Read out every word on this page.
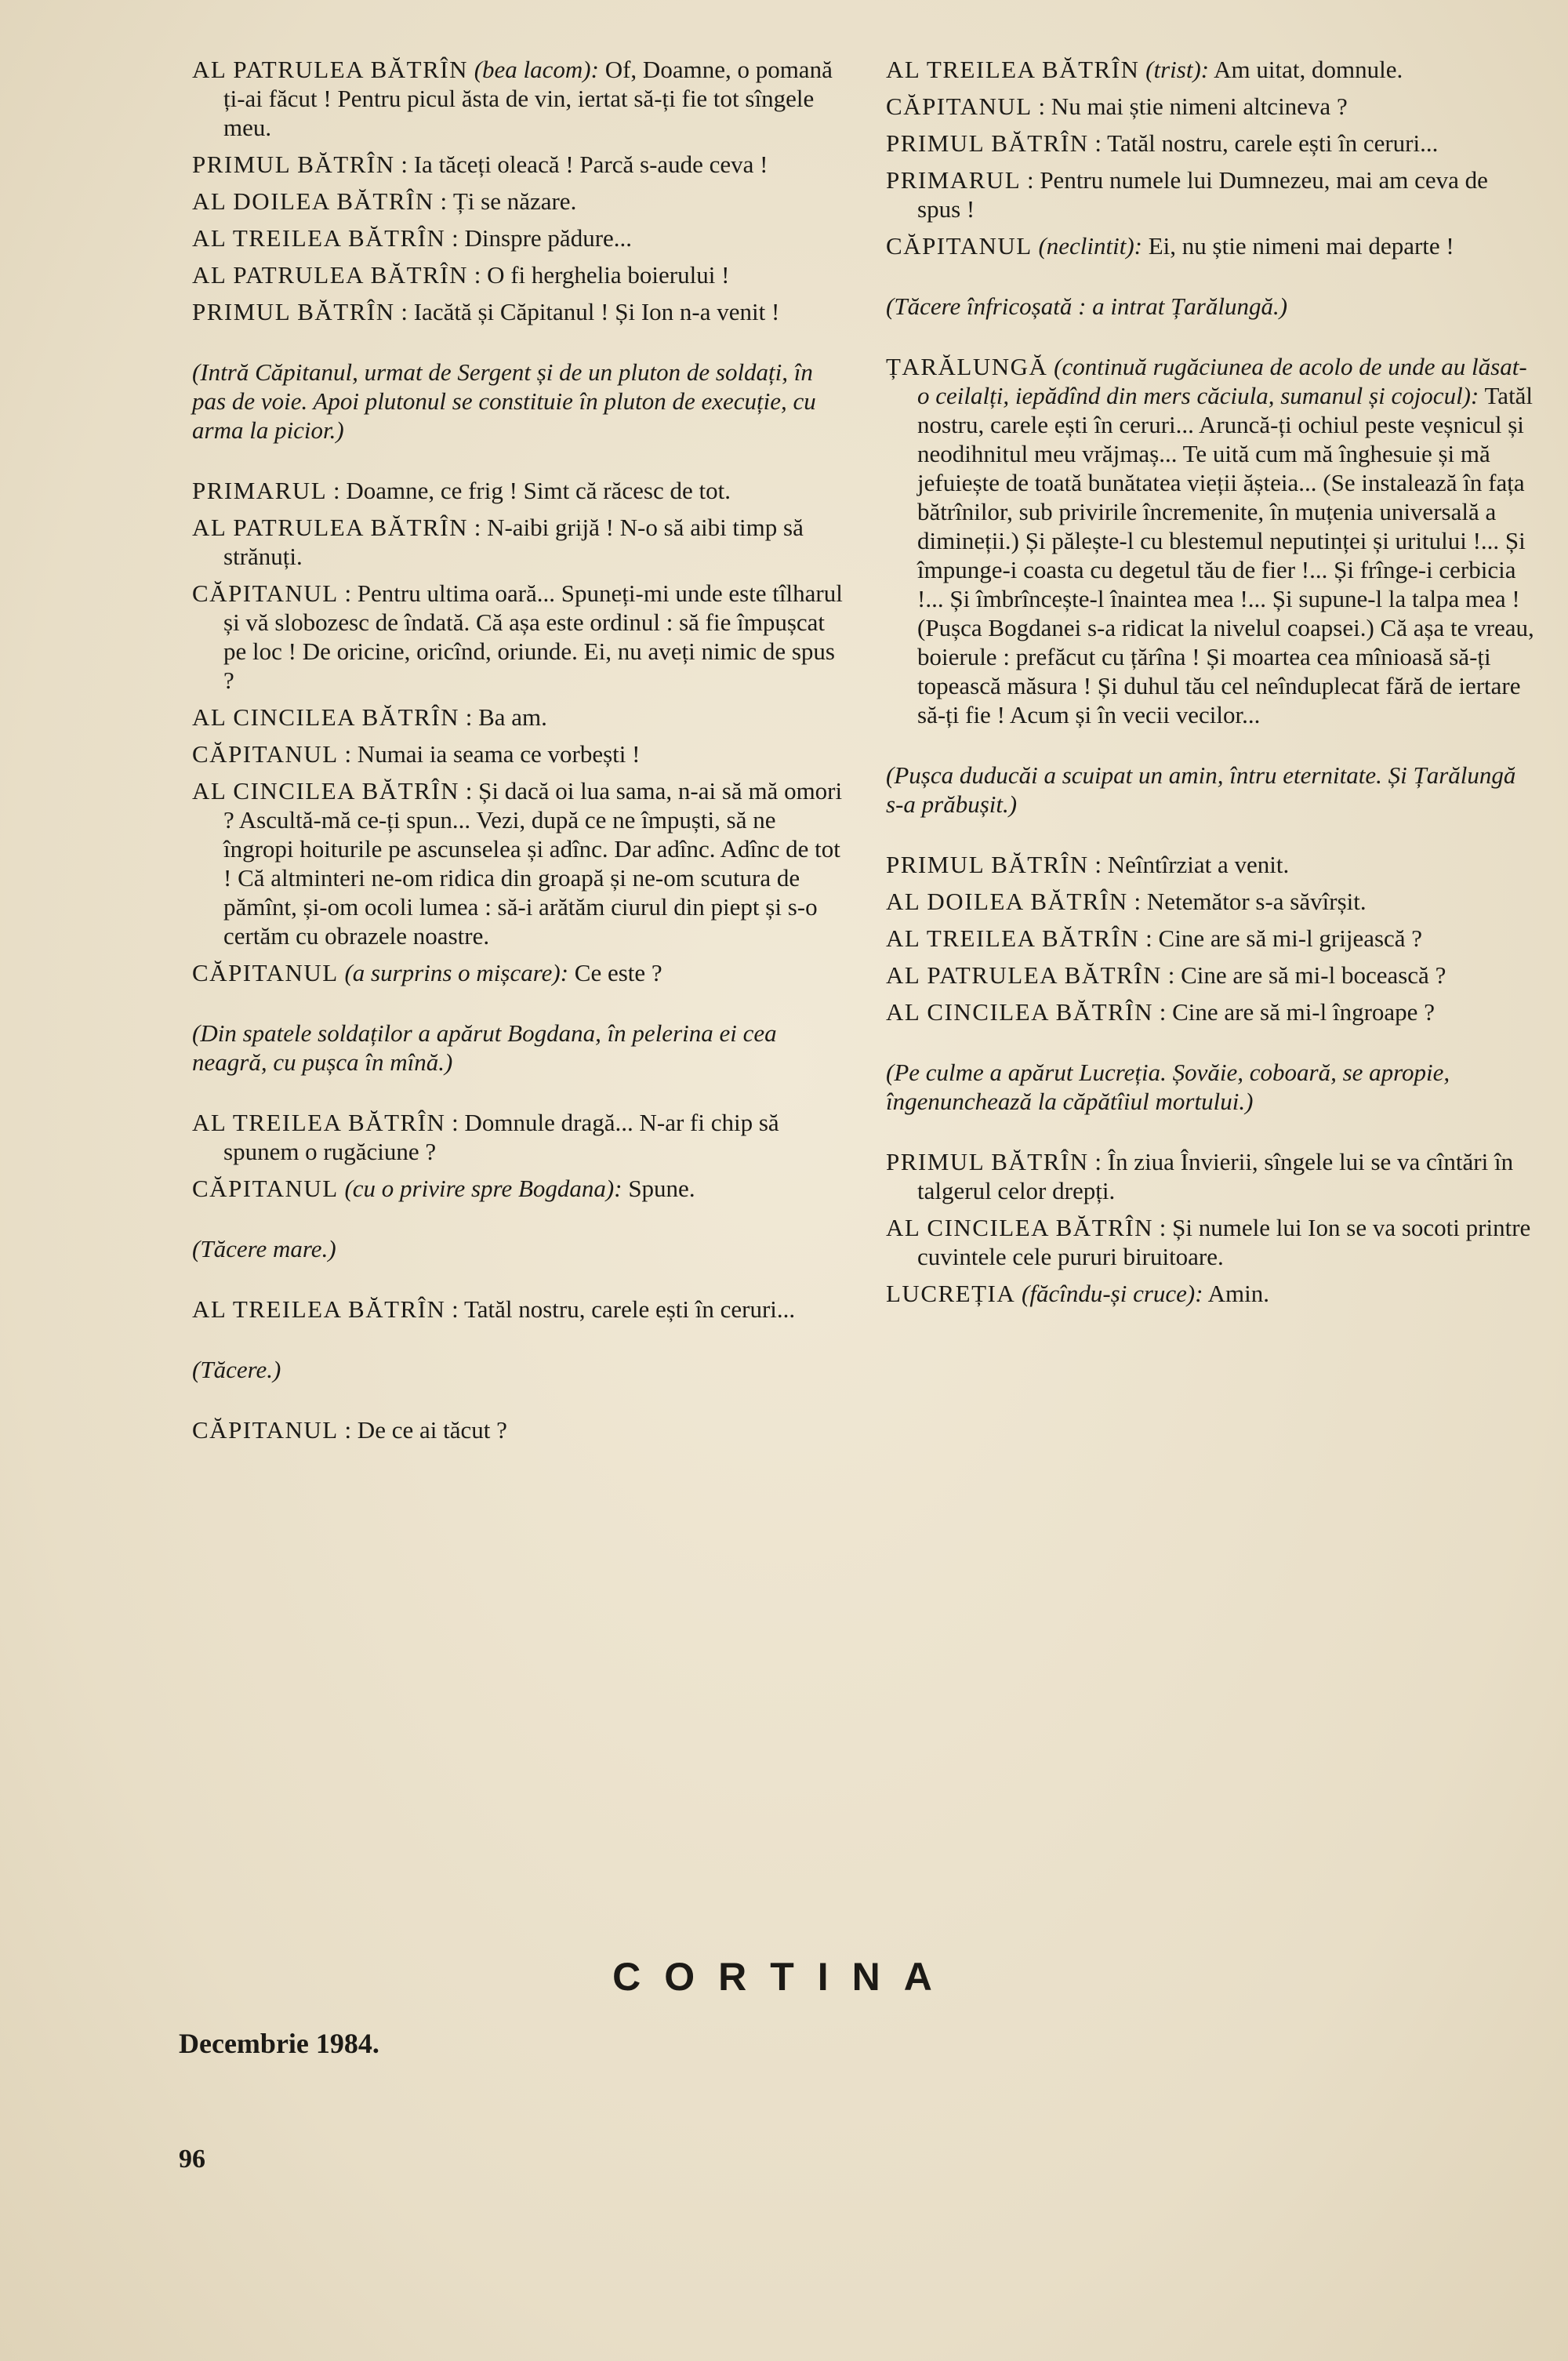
AL PATRULEA BĂTRÎN (bea lacom): Of, Doamne, o pomană ți-ai făcut ! Pentru picul ăsta de vin, iertat să-ți fie tot sîngele meu.
PRIMUL BĂTRÎN : Ia tăceți oleacă ! Parcă s-aude ceva !
AL DOILEA BĂTRÎN : Ți se năzare.
AL TREILEA BĂTRÎN : Dinspre pădure...
AL PATRULEA BĂTRÎN : O fi herghelia boierului !
PRIMUL BĂTRÎN : Iacătă și Căpitanul ! Și Ion n-a venit !
(Intră Căpitanul, urmat de Sergent și de un pluton de soldați, în pas de voie. Apoi plutonul se constituie în pluton de execuție, cu arma la picior.)
PRIMARUL : Doamne, ce frig ! Simt că răcesc de tot.
AL PATRULEA BĂTRÎN : N-aibi grijă ! N-o să aibi timp să strănuți.
CĂPITANUL : Pentru ultima oară... Spuneți-mi unde este tîlharul și vă slobozesc de îndată. Că așa este ordinul : să fie împușcat pe loc ! De oricine, oricînd, oriunde. Ei, nu aveți nimic de spus ?
AL CINCILEA BĂTRÎN : Ba am.
CĂPITANUL : Numai ia seama ce vorbești !
AL CINCILEA BĂTRÎN : Și dacă oi lua sama, n-ai să mă omori ? Ascultă-mă ce-ți spun... Vezi, după ce ne împuști, să ne îngropi hoiturile pe ascunselea și adînc. Dar adînc. Adînc de tot ! Că altminteri ne-om ridica din groapă și ne-om scutura de pămînt, și-om ocoli lumea : să-i arătăm ciurul din piept și s-o certăm cu obrazele noastre.
CĂPITANUL (a surprins o mișcare): Ce este ?
(Din spatele soldaților a apărut Bogdana, în pelerina ei cea neagră, cu pușca în mînă.)
AL TREILEA BĂTRÎN : Domnule dragă... N-ar fi chip să spunem o rugăciune ?
CĂPITANUL (cu o privire spre Bogdana): Spune.
(Tăcere mare.)
AL TREILEA BĂTRÎN : Tatăl nostru, carele ești în ceruri...
(Tăcere.)
CĂPITANUL : De ce ai tăcut ?
AL TREILEA BĂTRÎN (trist): Am uitat, domnule.
CĂPITANUL : Nu mai știe nimeni altcineva ?
PRIMUL BĂTRÎN : Tatăl nostru, carele ești în ceruri...
PRIMARUL : Pentru numele lui Dumnezeu, mai am ceva de spus !
CĂPITANUL (neclintit): Ei, nu știe nimeni mai departe !
(Tăcere înfricoșată : a intrat Țarălungă.)
ȚARĂLUNGĂ (continuă rugăciunea de acolo de unde au lăsat-o ceilalți, iepădînd din mers căciula, sumanul și cojocul): Tatăl nostru, carele ești în ceruri... Aruncă-ți ochiul peste veșnicul și neodihnitul meu vrăjmaș... Te uită cum mă înghesuie și mă jefuiește de toată bunătatea vieții ășteia... (Se instalează în fața bătrînilor, sub privirile încremenite, în muțenia universală a dimineții.) Și pălește-l cu blestemul neputinței și uritului !... Și împunge-i coasta cu degetul tău de fier !... Și frînge-i cerbicia !... Și îmbrîncește-l înaintea mea !... Și supune-l la talpa mea ! (Pușca Bogdanei s-a ridicat la nivelul coapsei.) Că așa te vreau, boierule : prefăcut cu țărîna ! Și moartea cea mînioasă să-ți topească măsura ! Și duhul tău cel neînduplecat fără de iertare să-ți fie ! Acum și în vecii vecilor...
(Pușca duducăi a scuipat un amin, întru eternitate. Și Țarălungă s-a prăbușit.)
PRIMUL BĂTRÎN : Neîntîrziat a venit.
AL DOILEA BĂTRÎN : Netemător s-a săvîrșit.
AL TREILEA BĂTRÎN : Cine are să mi-l grijească ?
AL PATRULEA BĂTRÎN : Cine are să mi-l bocească ?
AL CINCILEA BĂTRÎN : Cine are să mi-l îngroape ?
(Pe culme a apărut Lucreția. Șovăie, coboară, se apropie, îngenunchează la căpătîiul mortului.)
PRIMUL BĂTRÎN : În ziua Învierii, sîngele lui se va cîntări în talgerul celor drepți.
AL CINCILEA BĂTRÎN : Și numele lui Ion se va socoti printre cuvintele cele pururi biruitoare.
LUCREȚIA (făcîndu-și cruce): Amin.
CORTINA
Decembrie 1984.
96
